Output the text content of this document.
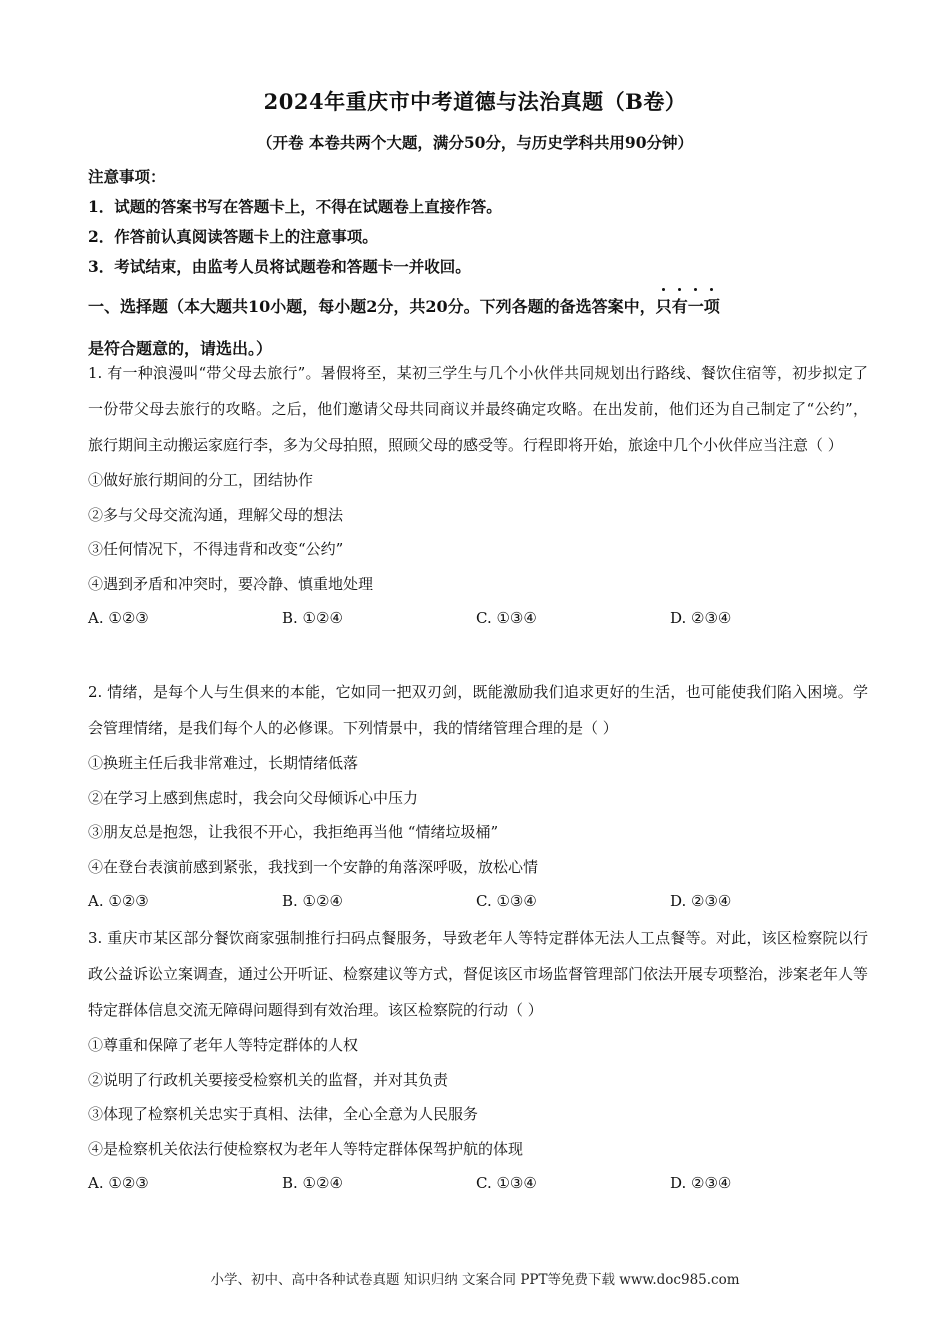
2024年重庆市中考道德与法治真题（B卷）
（开卷 本卷共两个大题，满分50分，与历史学科共用90分钟）
注意事项：
1．试题的答案书写在答题卡上，不得在试题卷上直接作答。
2．作答前认真阅读答题卡上的注意事项。
3．考试结束，由监考人员将试题卷和答题卡一并收回。
一、选择题（本大题共10小题，每小题2分，共20分。下列各题的备选答案中，只有一项
是符合题意的，请选出。）
1. 有一种浪漫叫“带父母去旅行”。暑假将至，某初三学生与几个小伙伴共同规划出行路线、餐饮住宿等，初步拟定了一份带父母去旅行的攻略。之后，他们邀请父母共同商议并最终确定攻略。在出发前，他们还为自己制定了“公约”，旅行期间主动搬运家庭行李，多为父母拍照，照顾父母的感受等。行程即将开始，旅途中几个小伙伴应当注意（ ）
①做好旅行期间的分工，团结协作
②多与父母交流沟通，理解父母的想法
③任何情况下，不得违背和改变“公约”
④遇到矛盾和冲突时，要冷静、慎重地处理
A. ①②③	B. ①②④	C. ①③④	D. ②③④
2. 情绪，是每个人与生俱来的本能，它如同一把双刃剑，既能激励我们追求更好的生活，也可能使我们陷入困境。学会管理情绪，是我们每个人的必修课。下列情景中，我的情绪管理合理的是（ ）
①换班主任后我非常难过，长期情绪低落
②在学习上感到焦虑时，我会向父母倾诉心中压力
③朋友总是抱怨，让我很不开心，我拒绝再当他 “情绪垃圾桶”
④在登台表演前感到紧张，我找到一个安静的角落深呼吸，放松心情
A. ①②③	B. ①②④	C. ①③④	D. ②③④
3. 重庆市某区部分餐饮商家强制推行扫码点餐服务，导致老年人等特定群体无法人工点餐等。对此，该区检察院以行政公益诉讼立案调查，通过公开听证、检察建议等方式，督促该区市场监督管理部门依法开展专项整治，涉案老年人等特定群体信息交流无障碍问题得到有效治理。该区检察院的行动（ ）
①尊重和保障了老年人等特定群体的人权
②说明了行政机关要接受检察机关的监督，并对其负责
③体现了检察机关忠实于真相、法律，全心全意为人民服务
④是检察机关依法行使检察权为老年人等特定群体保驾护航的体现
A. ①②③	B. ①②④	C. ①③④	D. ②③④
小学、初中、高中各种试卷真题 知识归纳 文案合同 PPT等免费下载 www.doc985.com
